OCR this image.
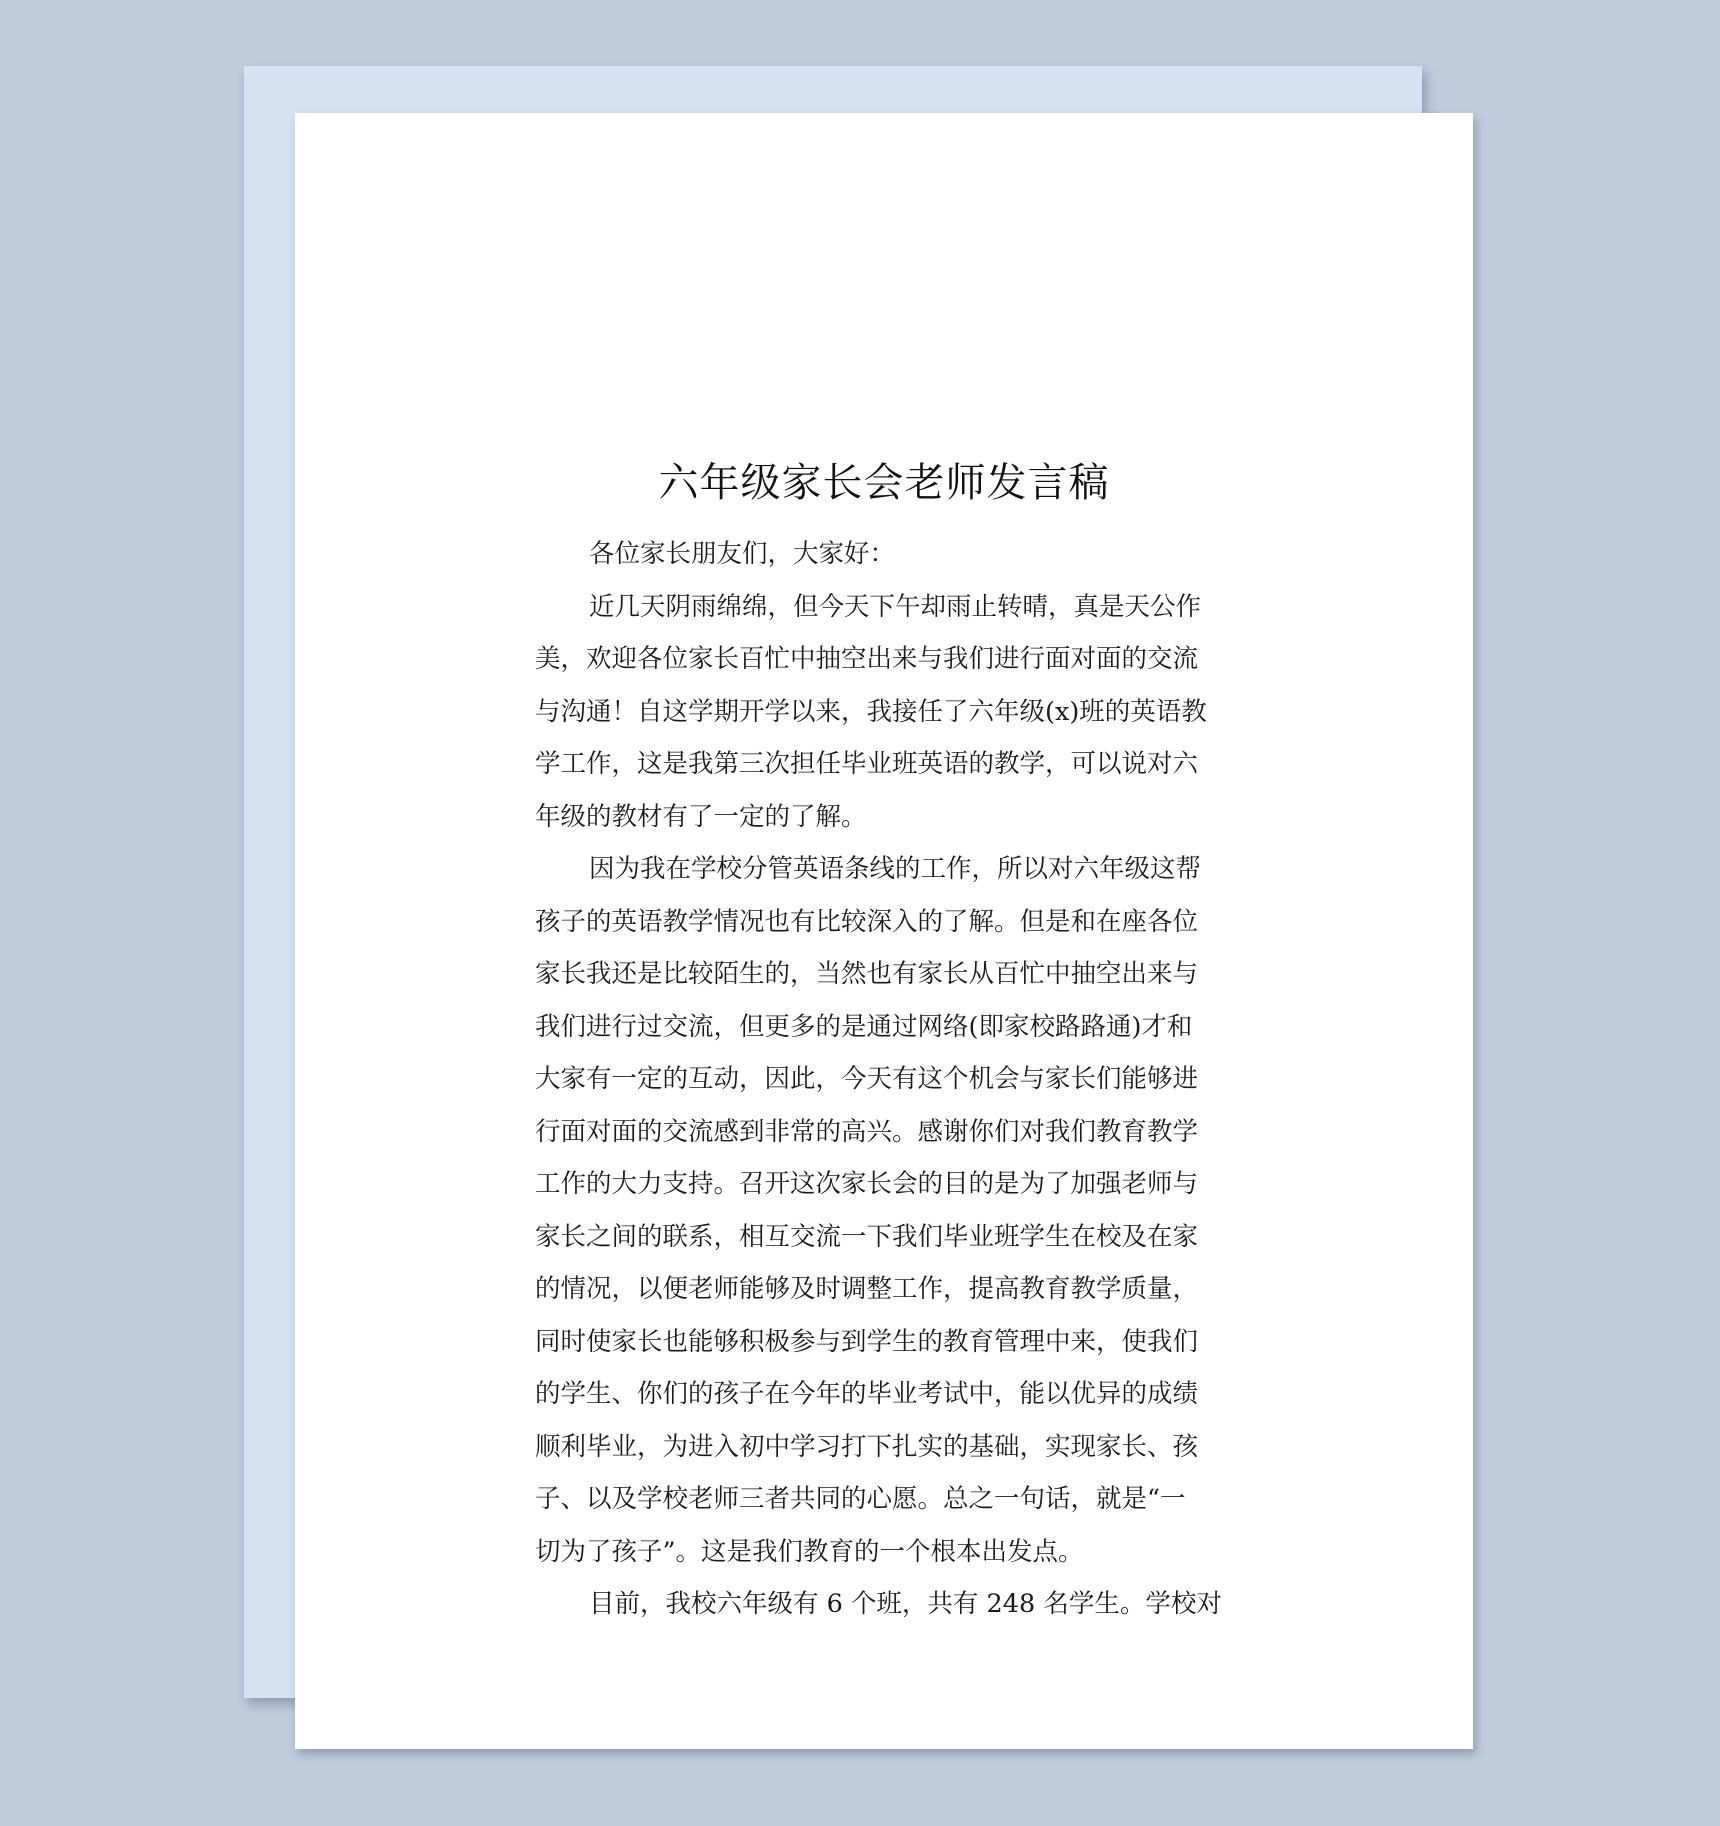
六年级家长会老师发言稿
各位家长朋友们，大家好：
近几天阴雨绵绵，但今天下午却雨止转晴，真是天公作
美，欢迎各位家长百忙中抽空出来与我们进行面对面的交流
与沟通！自这学期开学以来，我接任了六年级(x)班的英语教
学工作，这是我第三次担任毕业班英语的教学，可以说对六
年级的教材有了一定的了解。
因为我在学校分管英语条线的工作，所以对六年级这帮
孩子的英语教学情况也有比较深入的了解。但是和在座各位
家长我还是比较陌生的，当然也有家长从百忙中抽空出来与
我们进行过交流，但更多的是通过网络(即家校路路通)才和
大家有一定的互动，因此，今天有这个机会与家长们能够进
行面对面的交流感到非常的高兴。感谢你们对我们教育教学
工作的大力支持。召开这次家长会的目的是为了加强老师与
家长之间的联系，相互交流一下我们毕业班学生在校及在家
的情况，以便老师能够及时调整工作，提高教育教学质量，
同时使家长也能够积极参与到学生的教育管理中来，使我们
的学生、你们的孩子在今年的毕业考试中，能以优异的成绩
顺利毕业，为进入初中学习打下扎实的基础，实现家长、孩
子、以及学校老师三者共同的心愿。总之一句话，就是“一
切为了孩子”。这是我们教育的一个根本出发点。
目前，我校六年级有 6 个班，共有 248 名学生。学校对
